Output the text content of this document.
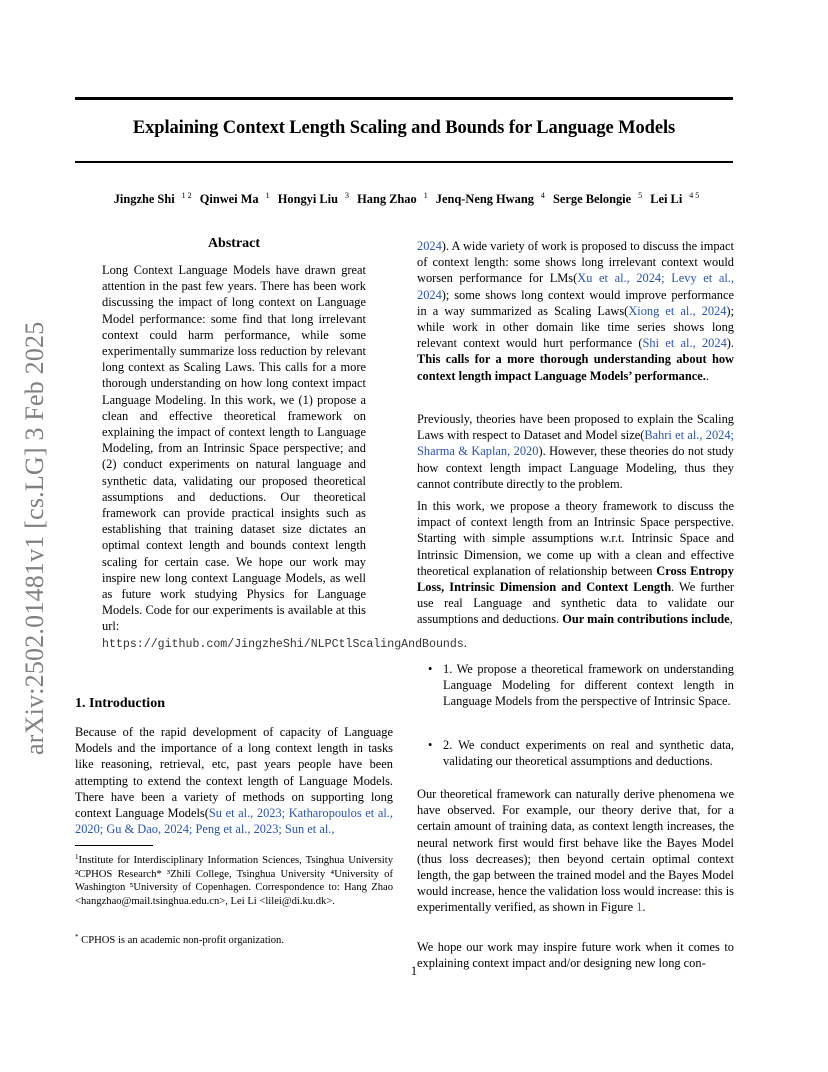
Explaining Context Length Scaling and Bounds for Language Models
Jingzhe Shi $^{1 2}$ Qinwei Ma $^1$ Hongyi Liu $^3$ Hang Zhao $^1$ Jenq-Neng Hwang $^4$ Serge Belongie $^5$ Lei Li $^{4 5}$
arXiv:2502.01481v1 [cs.LG] 3 Feb 2025
Abstract
Long Context Language Models have drawn great attention in the past few years. There has been work discussing the impact of long context on Language Model performance: some find that long irrelevant context could harm performance, while some experimentally summarize loss reduction by relevant long context as Scaling Laws. This calls for a more thorough understanding on how long context impact Language Modeling. In this work, we (1) propose a clean and effective theoretical framework on explaining the impact of context length to Language Modeling, from an Intrinsic Space perspective; and (2) conduct experiments on natural language and synthetic data, validating our proposed theoretical assumptions and deductions. Our theoretical framework can provide practical insights such as establishing that training dataset size dictates an optimal context length and bounds context length scaling for certain case. We hope our work may inspire new long context Language Models, as well as future work studying Physics for Language Models. Code for our experiments is available at this url: https://github.com/JingzheShi/NLPCtlScalingAndBounds.
1. Introduction
Because of the rapid development of capacity of Language Models and the importance of a long context length in tasks like reasoning, retrieval, etc, past years people have been attempting to extend the context length of Language Models. There have been a variety of methods on supporting long context Language Models(Su et al., 2023; Katharopoulos et al., 2020; Gu & Dao, 2024; Peng et al., 2023; Sun et al.,
$^1$Institute for Interdisciplinary Information Sciences, Tsinghua University ²CPHOS Research* ³Zhili College, Tsinghua University ⁴University of Washington ⁵University of Copenhagen. Correspondence to: Hang Zhao <hangzhao@mail.tsinghua.edu.cn>, Lei Li <lilei@di.ku.dk>.
* CPHOS is an academic non-profit organization.
2024). A wide variety of work is proposed to discuss the impact of context length: some shows long irrelevant context would worsen performance for LMs(Xu et al., 2024; Levy et al., 2024); some shows long context would improve performance in a way summarized as Scaling Laws(Xiong et al., 2024); while work in other domain like time series shows long relevant context would hurt performance (Shi et al., 2024). This calls for a more thorough understanding about how context length impact Language Models’ performance..
Previously, theories have been proposed to explain the Scaling Laws with respect to Dataset and Model size(Bahri et al., 2024; Sharma & Kaplan, 2020). However, these theories do not study how context length impact Language Modeling, thus they cannot contribute directly to the problem.
In this work, we propose a theory framework to discuss the impact of context length from an Intrinsic Space perspective. Starting with simple assumptions w.r.t. Intrinsic Space and Intrinsic Dimension, we come up with a clean and effective theoretical explanation of relationship between Cross Entropy Loss, Intrinsic Dimension and Context Length. We further use real Language and synthetic data to validate our assumptions and deductions. Our main contributions include,
• 1. We propose a theoretical framework on understanding Language Modeling for different context length in Language Models from the perspective of Intrinsic Space.
• 2. We conduct experiments on real and synthetic data, validating our theoretical assumptions and deductions.
Our theoretical framework can naturally derive phenomena we have observed. For example, our theory derive that, for a certain amount of training data, as context length increases, the neural network first would first behave like the Bayes Model (thus loss decreases); then beyond certain optimal context length, the gap between the trained model and the Bayes Model would increase, hence the validation loss would increase: this is experimentally verified, as shown in Figure 1.
We hope our work may inspire future work when it comes to explaining context impact and/or designing new long con-
1
